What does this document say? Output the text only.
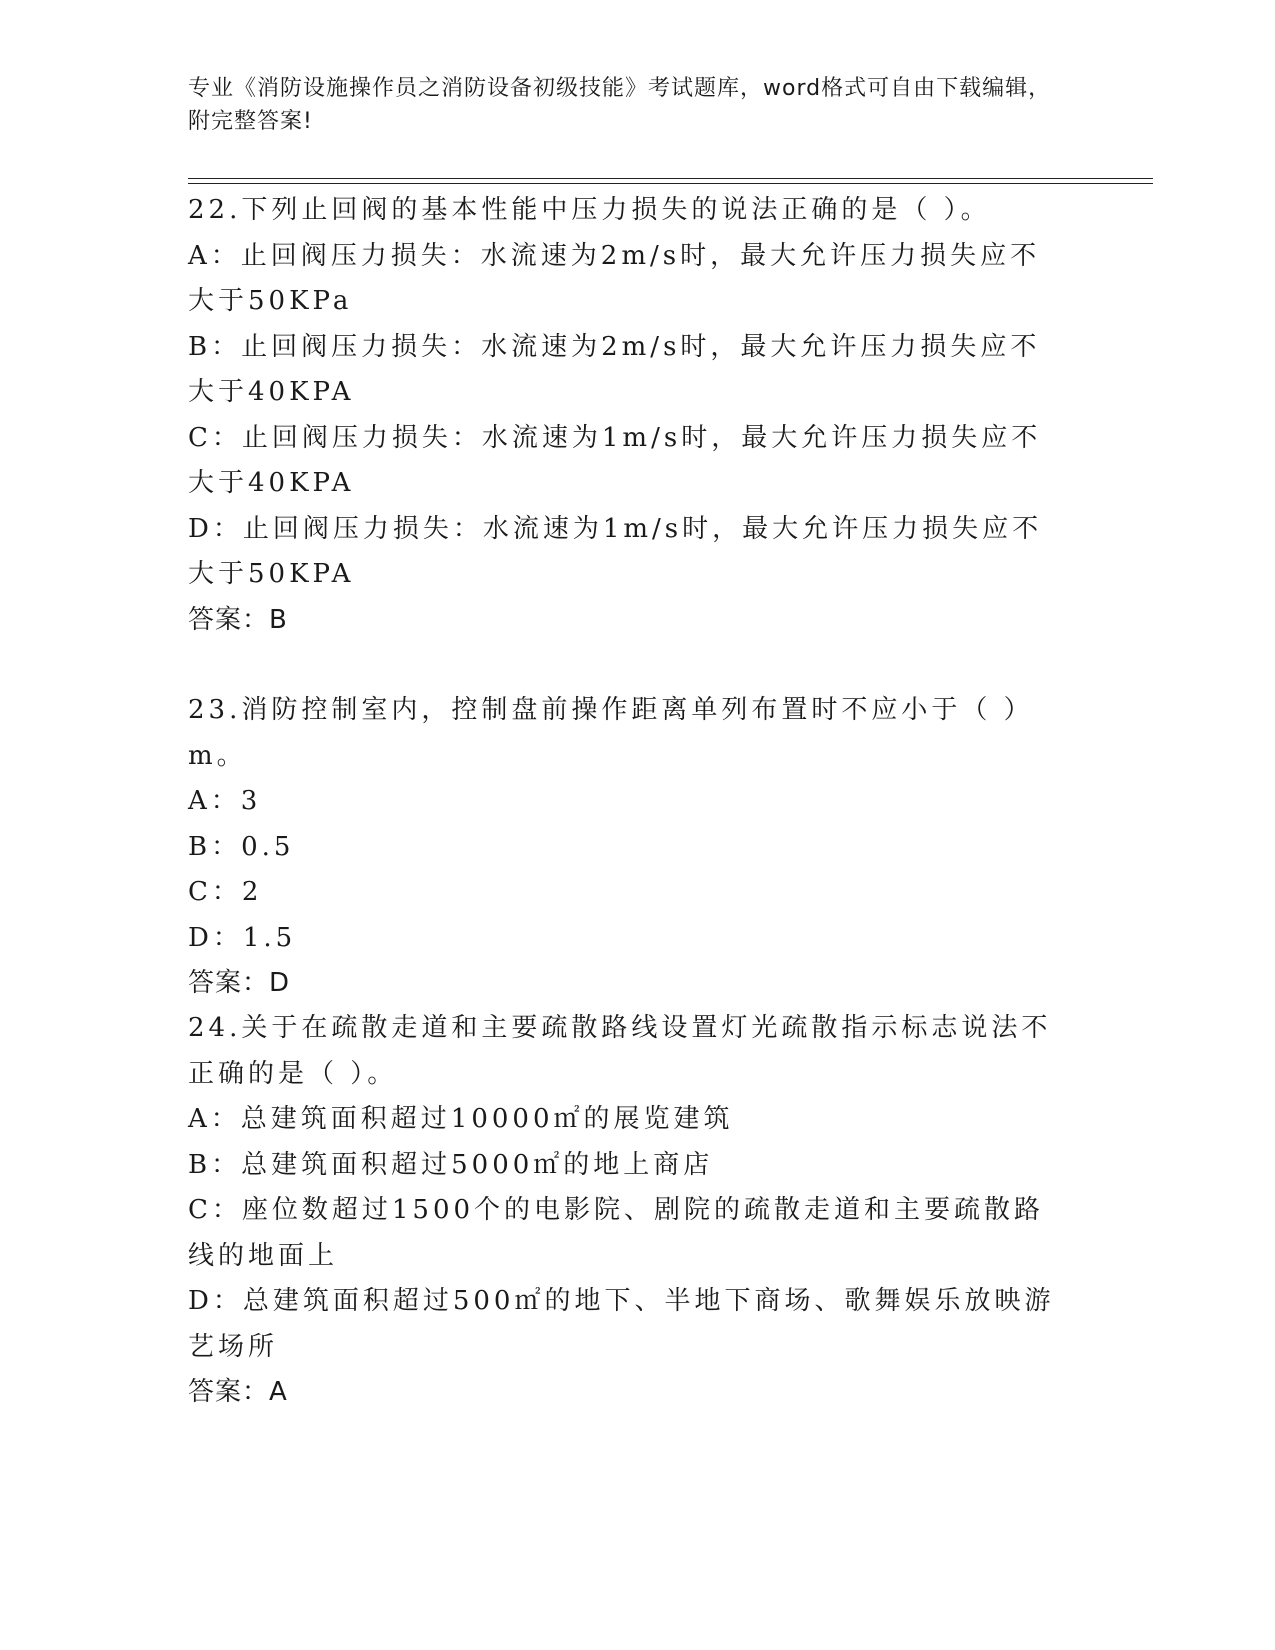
专业《消防设施操作员之消防设备初级技能》考试题库，word格式可自由下载编辑，附完整答案!
22.下列止回阀的基本性能中压力损失的说法正确的是（ ）。
A：止回阀压力损失：水流速为2m/s时，最大允许压力损失应不大于50KPa
B：止回阀压力损失：水流速为2m/s时，最大允许压力损失应不大于40KPA
C：止回阀压力损失：水流速为1m/s时，最大允许压力损失应不大于40KPA
D：止回阀压力损失：水流速为1m/s时，最大允许压力损失应不大于50KPA
答案：B
23.消防控制室内，控制盘前操作距离单列布置时不应小于（ ）m。
A：3
B：0.5
C：2
D：1.5
答案：D
24.关于在疏散走道和主要疏散路线设置灯光疏散指示标志说法不正确的是（ ）。
A：总建筑面积超过10000㎡的展览建筑
B：总建筑面积超过5000㎡的地上商店
C：座位数超过1500个的电影院、剧院的疏散走道和主要疏散路线的地面上
D：总建筑面积超过500㎡的地下、半地下商场、歌舞娱乐放映游艺场所
答案：A
